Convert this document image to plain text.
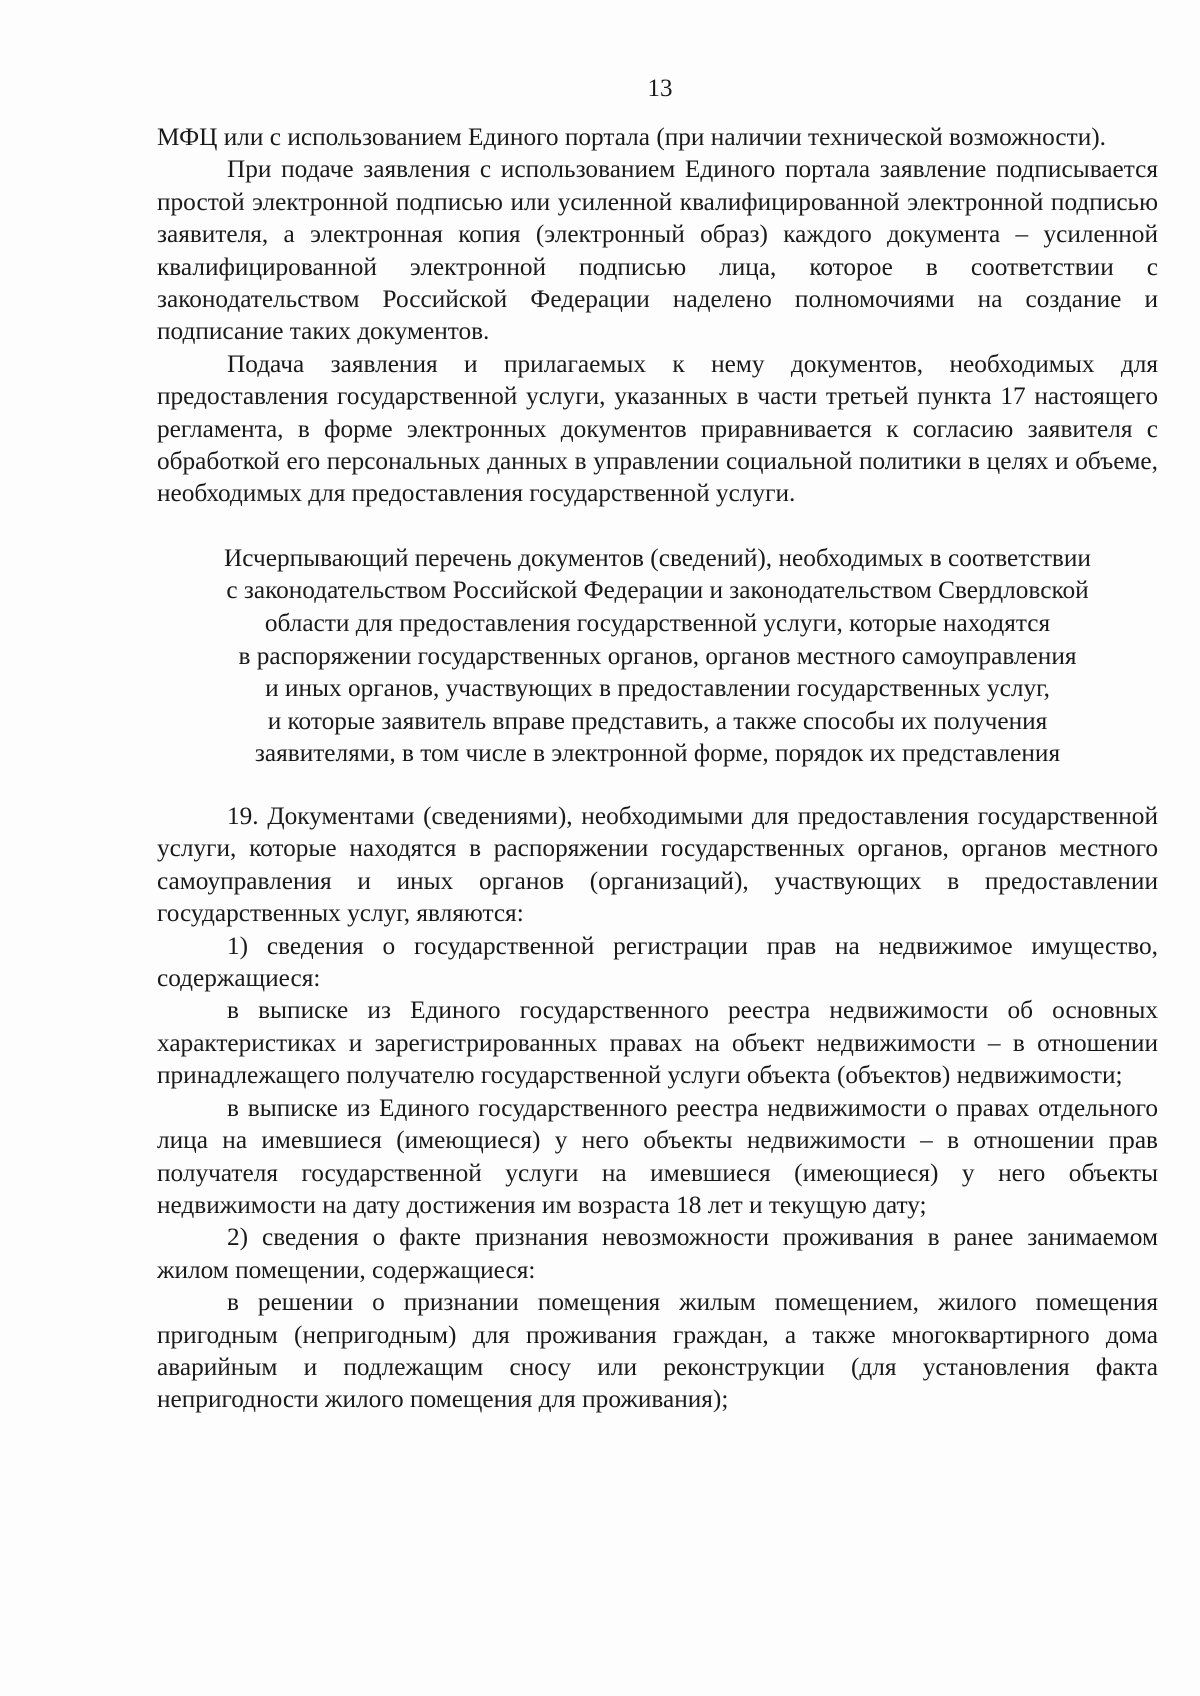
13

МФЦ или с использованием Единого портала (при наличии технической возможности).

При подаче заявления с использованием Единого портала заявление подписывается простой электронной подписью или усиленной квалифицированной электронной подписью заявителя, а электронная копия (электронный образ) каждого документа – усиленной квалифицированной электронной подписью лица, которое в соответствии с законодательством Российской Федерации наделено полномочиями на создание и подписание таких документов.

Подача заявления и прилагаемых к нему документов, необходимых для предоставления государственной услуги, указанных в части третьей пункта 17 настоящего регламента, в форме электронных документов приравнивается к согласию заявителя с обработкой его персональных данных в управлении социальной политики в целях и объеме, необходимых для предоставления государственной услуги.

Исчерпывающий перечень документов (сведений), необходимых в соответствии
с законодательством Российской Федерации и законодательством Свердловской
области для предоставления государственной услуги, которые находятся
в распоряжении государственных органов, органов местного самоуправления
и иных органов, участвующих в предоставлении государственных услуг,
и которые заявитель вправе представить, а также способы их получения
заявителями, в том числе в электронной форме, порядок их представления

19. Документами (сведениями), необходимыми для предоставления государственной услуги, которые находятся в распоряжении государственных органов, органов местного самоуправления и иных органов (организаций), участвующих в предоставлении государственных услуг, являются:

1) сведения о государственной регистрации прав на недвижимое имущество, содержащиеся:

в выписке из Единого государственного реестра недвижимости об основных характеристиках и зарегистрированных правах на объект недвижимости – в отношении принадлежащего получателю государственной услуги объекта (объектов) недвижимости;

в выписке из Единого государственного реестра недвижимости о правах отдельного лица на имевшиеся (имеющиеся) у него объекты недвижимости – в отношении прав получателя государственной услуги на имевшиеся (имеющиеся) у него объекты недвижимости на дату достижения им возраста 18 лет и текущую дату;

2) сведения о факте признания невозможности проживания в ранее занимаемом жилом помещении, содержащиеся:

в решении о признании помещения жилым помещением, жилого помещения пригодным (непригодным) для проживания граждан, а также многоквартирного дома аварийным и подлежащим сносу или реконструкции (для установления факта непригодности жилого помещения для проживания);
